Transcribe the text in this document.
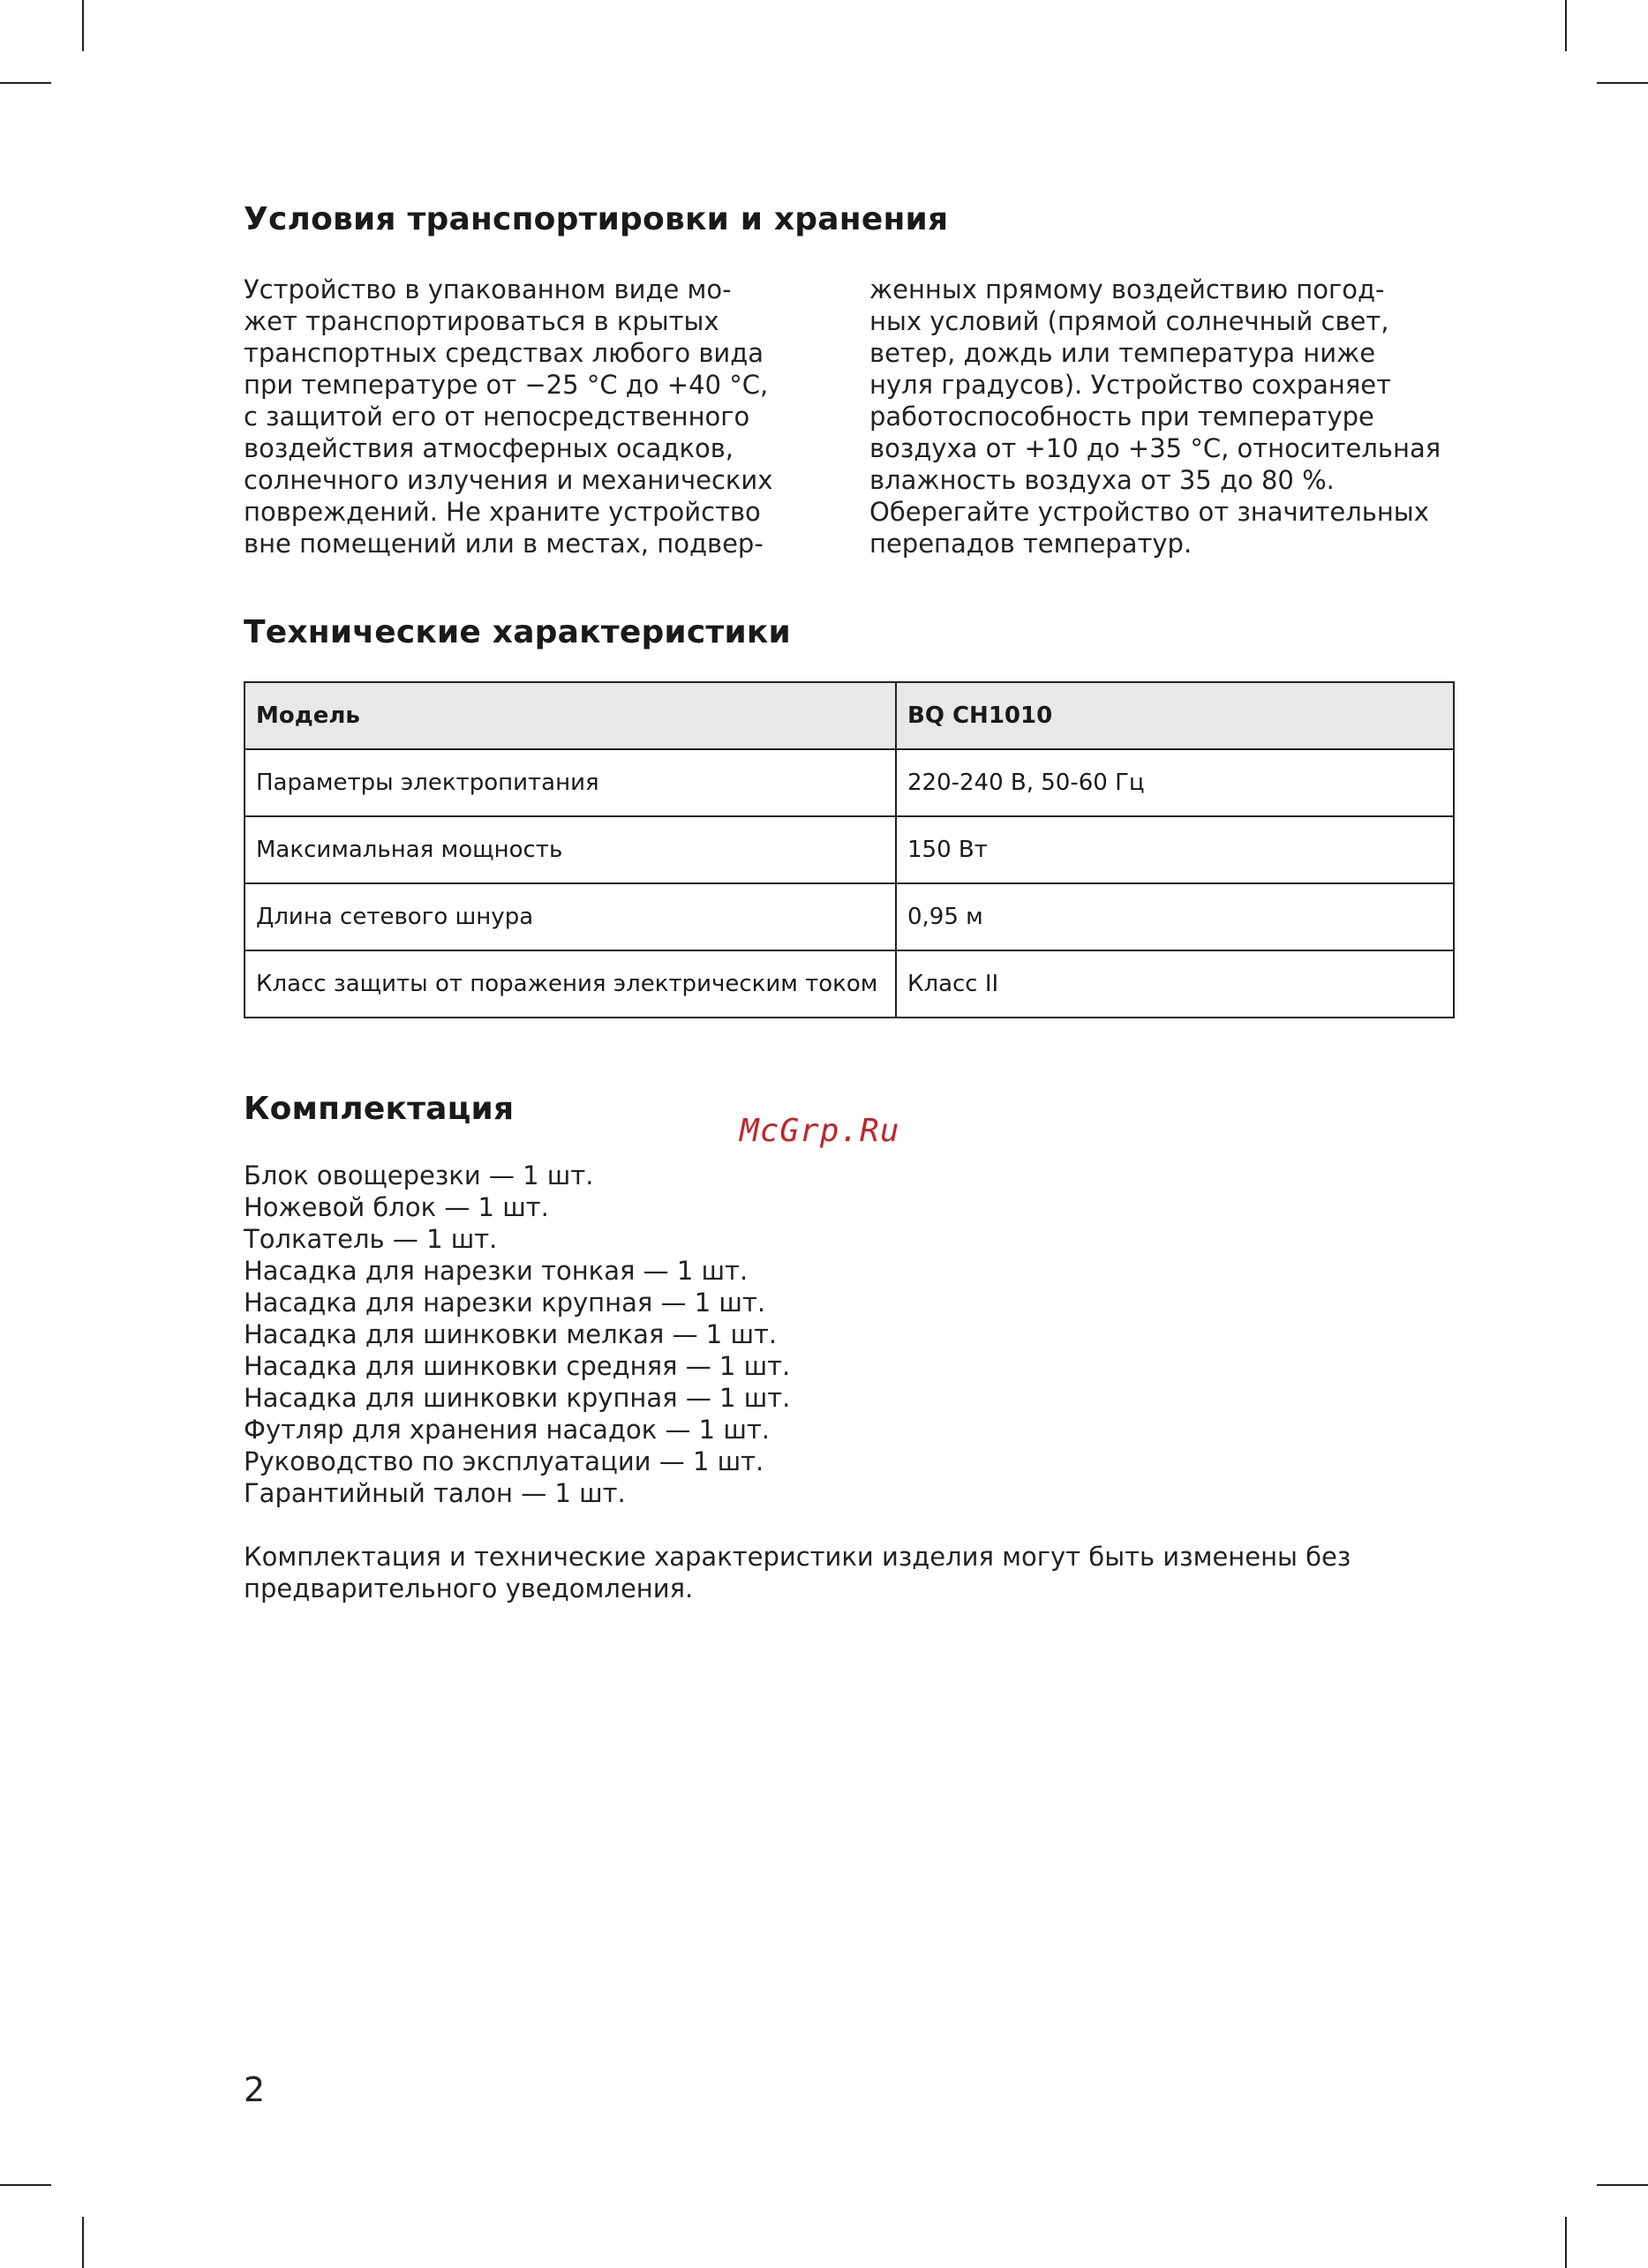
Условия транспортировки и хранения
Устройство в упакованном виде мо-
жет транспортироваться в крытых
транспортных средствах любого вида
при температуре от −25 °С до +40 °С,
с защитой его от непосредственного
воздействия атмосферных осадков,
солнечного излучения и механических
повреждений. Не храните устройство
вне помещений или в местах, подвер-
женных прямому воздействию погод-
ных условий (прямой солнечный свет,
ветер, дождь или температура ниже
нуля градусов). Устройство сохраняет
работоспособность при температуре
воздуха от +10 до +35 °С, относительная
влажность воздуха от 35 до 80 %.
Оберегайте устройство от значительных
перепадов температур.
Технические характеристики
Модель	BQ CH1010
Параметры электропитания	220-240 В, 50-60 Гц
Максимальная мощность	150 Вт
Длина сетевого шнура	0,95 м
Класс защиты от поражения электрическим током	Класс II
Комплектация
Блок овощерезки — 1 шт.
Ножевой блок — 1 шт.
Толкатель — 1 шт.
Насадка для нарезки тонкая — 1 шт.
Насадка для нарезки крупная — 1 шт.
Насадка для шинковки мелкая — 1 шт.
Насадка для шинковки средняя — 1 шт.
Насадка для шинковки крупная — 1 шт.
Футляр для хранения насадок — 1 шт.
Руководство по эксплуатации — 1 шт.
Гарантийный талон — 1 шт.
Комплектация и технические характеристики изделия могут быть изменены без
предварительного уведомления.
McGrp.Ru
2
